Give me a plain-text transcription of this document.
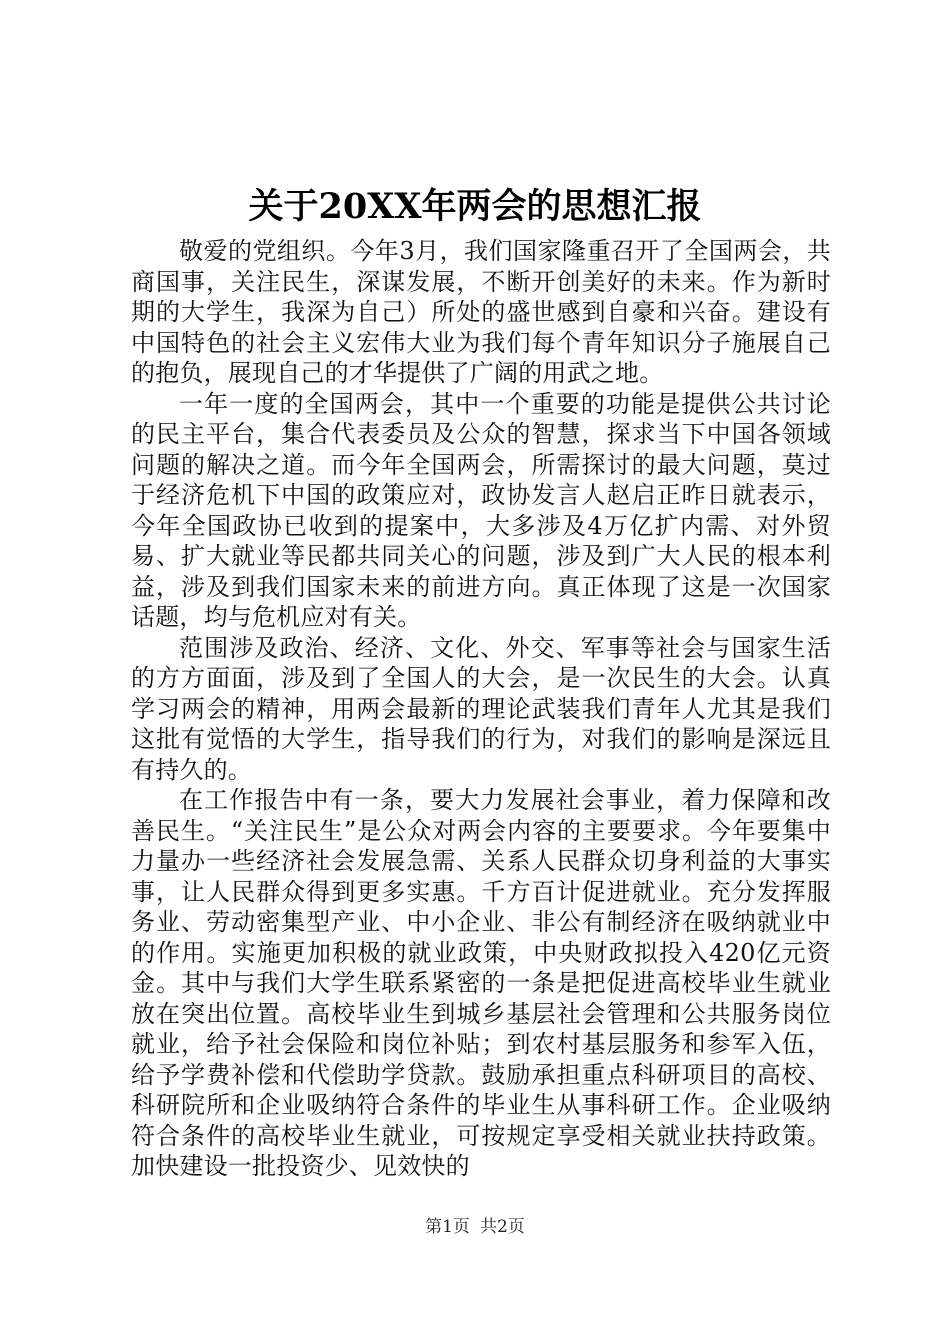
关于20XX年两会的思想汇报

敬爱的党组织。今年3月，我们国家隆重召开了全国两会，共商国事，关注民生，深谋发展，不断开创美好的未来。作为新时期的大学生，我深为自己）所处的盛世感到自豪和兴奋。建设有中国特色的社会主义宏伟大业为我们每个青年知识分子施展自己的抱负，展现自己的才华提供了广阔的用武之地。

一年一度的全国两会，其中一个重要的功能是提供公共讨论的民主平台，集合代表委员及公众的智慧，探求当下中国各领域问题的解决之道。而今年全国两会，所需探讨的最大问题，莫过于经济危机下中国的政策应对，政协发言人赵启正昨日就表示，今年全国政协已收到的提案中，大多涉及4万亿扩内需、对外贸易、扩大就业等民都共同关心的问题，涉及到广大人民的根本利益，涉及到我们国家未来的前进方向。真正体现了这是一次国家话题，均与危机应对有关。

范围涉及政治、经济、文化、外交、军事等社会与国家生活的方方面面，涉及到了全国人的大会，是一次民生的大会。认真学习两会的精神，用两会最新的理论武装我们青年人尤其是我们这批有觉悟的大学生，指导我们的行为，对我们的影响是深远且有持久的。

在工作报告中有一条，要大力发展社会事业，着力保障和改善民生。“关注民生”是公众对两会内容的主要要求。今年要集中力量办一些经济社会发展急需、关系人民群众切身利益的大事实事，让人民群众得到更多实惠。千方百计促进就业。充分发挥服务业、劳动密集型产业、中小企业、非公有制经济在吸纳就业中的作用。实施更加积极的就业政策，中央财政拟投入420亿元资金。其中与我们大学生联系紧密的一条是把促进高校毕业生就业放在突出位置。高校毕业生到城乡基层社会管理和公共服务岗位就业，给予社会保险和岗位补贴；到农村基层服务和参军入伍，给予学费补偿和代偿助学贷款。鼓励承担重点科研项目的高校、科研院所和企业吸纳符合条件的毕业生从事科研工作。企业吸纳符合条件的高校毕业生就业，可按规定享受相关就业扶持政策。加快建设一批投资少、见效快的

第1页 共2页
